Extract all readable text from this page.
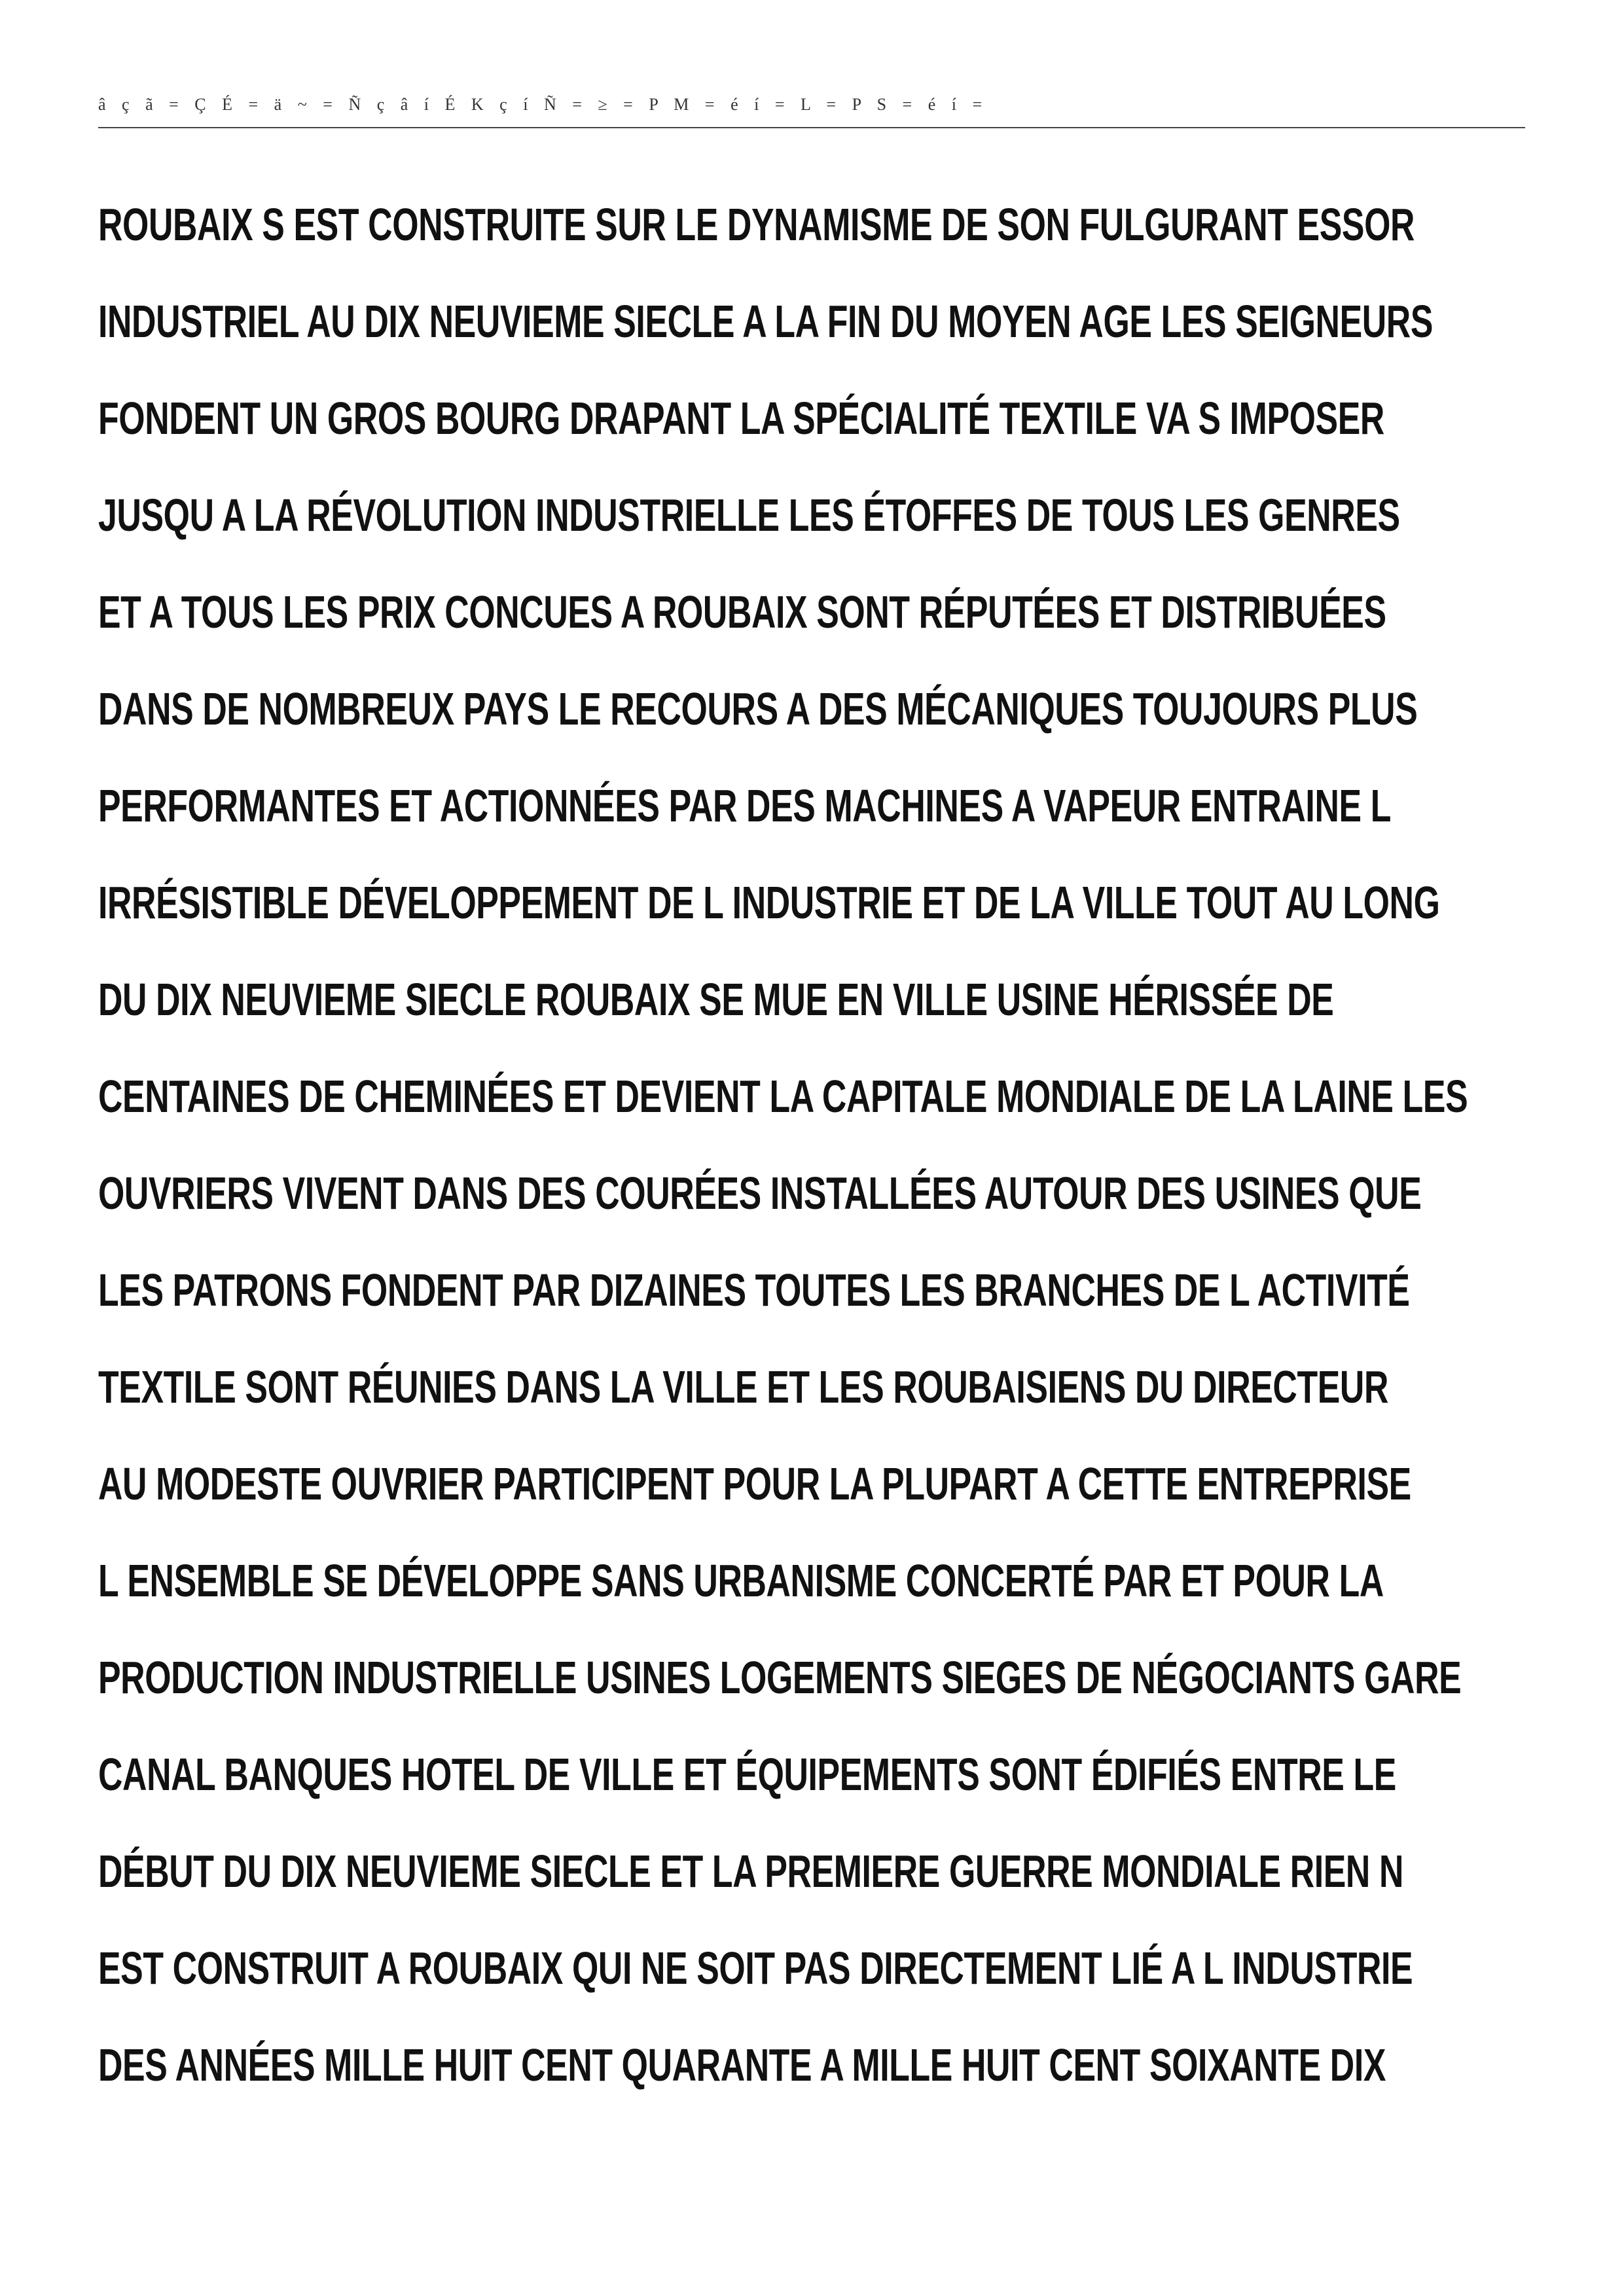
â ç ã = Ç É = ä ~ = Ñ ç â í É K ç í Ñ = ≥ = P M = é í = L = P S = é í =
ROUBAIX S EST CONSTRUITE SUR LE DYNAMISME DE SON FULGURANT ESSOR
INDUSTRIEL AU DIX NEUVIEME SIECLE A LA FIN DU MOYEN AGE LES SEIGNEURS
FONDENT UN GROS BOURG DRAPANT LA SPÉCIALITÉ TEXTILE VA S IMPOSER
JUSQU A LA RÉVOLUTION INDUSTRIELLE LES ÉTOFFES DE TOUS LES GENRES
ET A TOUS LES PRIX CONCUES A ROUBAIX SONT RÉPUTÉES ET DISTRIBUÉES
DANS DE NOMBREUX PAYS LE RECOURS A DES MÉCANIQUES TOUJOURS PLUS
PERFORMANTES ET ACTIONNÉES PAR DES MACHINES A VAPEUR ENTRAINE L
IRRÉSISTIBLE DÉVELOPPEMENT DE L INDUSTRIE ET DE LA VILLE TOUT AU LONG
DU DIX NEUVIEME SIECLE ROUBAIX SE MUE EN VILLE USINE HÉRISSÉE DE
CENTAINES DE CHEMINÉES ET DEVIENT LA CAPITALE MONDIALE DE LA LAINE LES
OUVRIERS VIVENT DANS DES COURÉES INSTALLÉES AUTOUR DES USINES QUE
LES PATRONS FONDENT PAR DIZAINES TOUTES LES BRANCHES DE L ACTIVITÉ
TEXTILE SONT RÉUNIES DANS LA VILLE ET LES ROUBAISIENS DU DIRECTEUR
AU MODESTE OUVRIER PARTICIPENT POUR LA PLUPART A CETTE ENTREPRISE
L ENSEMBLE SE DÉVELOPPE SANS URBANISME CONCERTÉ PAR ET POUR LA
PRODUCTION INDUSTRIELLE USINES LOGEMENTS SIEGES DE NÉGOCIANTS GARE
CANAL BANQUES HOTEL DE VILLE ET ÉQUIPEMENTS SONT ÉDIFIÉS ENTRE LE
DÉBUT DU DIX NEUVIEME SIECLE ET LA PREMIERE GUERRE MONDIALE RIEN N
EST CONSTRUIT A ROUBAIX QUI NE SOIT PAS DIRECTEMENT LIÉ A L INDUSTRIE
DES ANNÉES MILLE HUIT CENT QUARANTE A MILLE HUIT CENT SOIXANTE DIX
